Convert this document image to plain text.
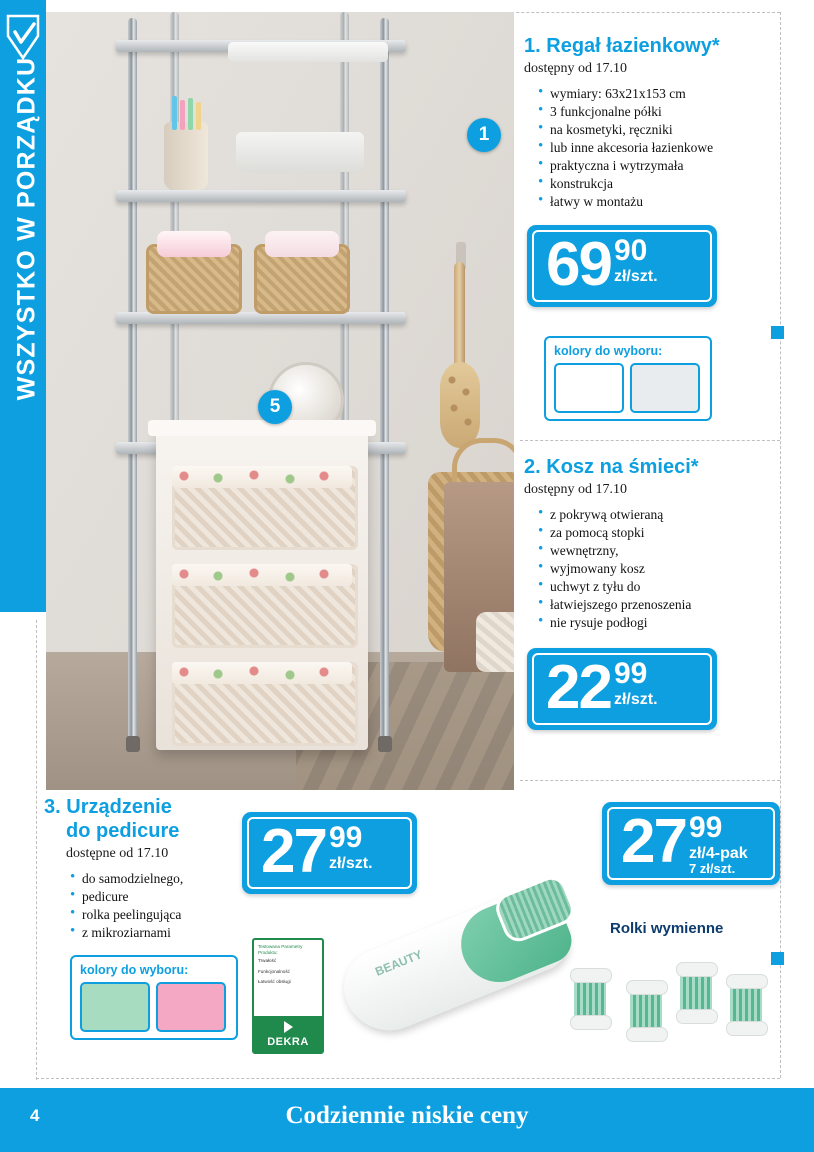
1
5
WSZYSTKO W PORZĄDKU
1. Regał łazienkowy*
dostępny od 17.10
• wymiary: 63x21x153 cm
• 3 funkcjonalne półki
• na kosmetyki, ręczniki
• lub inne akcesoria łazienkowe
• praktyczna i wytrzymała
• konstrukcja
• łatwy w montażu
69 90
zł/szt.
kolory do wyboru:
2. Kosz na śmieci*
dostępny od 17.10
• z pokrywą otwieraną
• za pomocą stopki
• wewnętrzny,
• wyjmowany kosz
• uchwyt z tyłu do
• łatwiejszego przenoszenia
• nie rysuje podłogi
22 99
zł/szt.
3. Urządzenie
do pedicure
dostępne od 17.10
• do samodzielnego,
• pedicure
• rolka peelingująca
• z mikroziarnami
27 99
zł/szt.
kolory do wyboru:
Testowana Parametry Produktu:
Trwałość
Funkcjonalność
Łatwość obsługi
DEKRA
BEAUTY
27 99
zł/4-pak
7 zł/szt.
Rolki wymienne
4	Codziennie niskie ceny
